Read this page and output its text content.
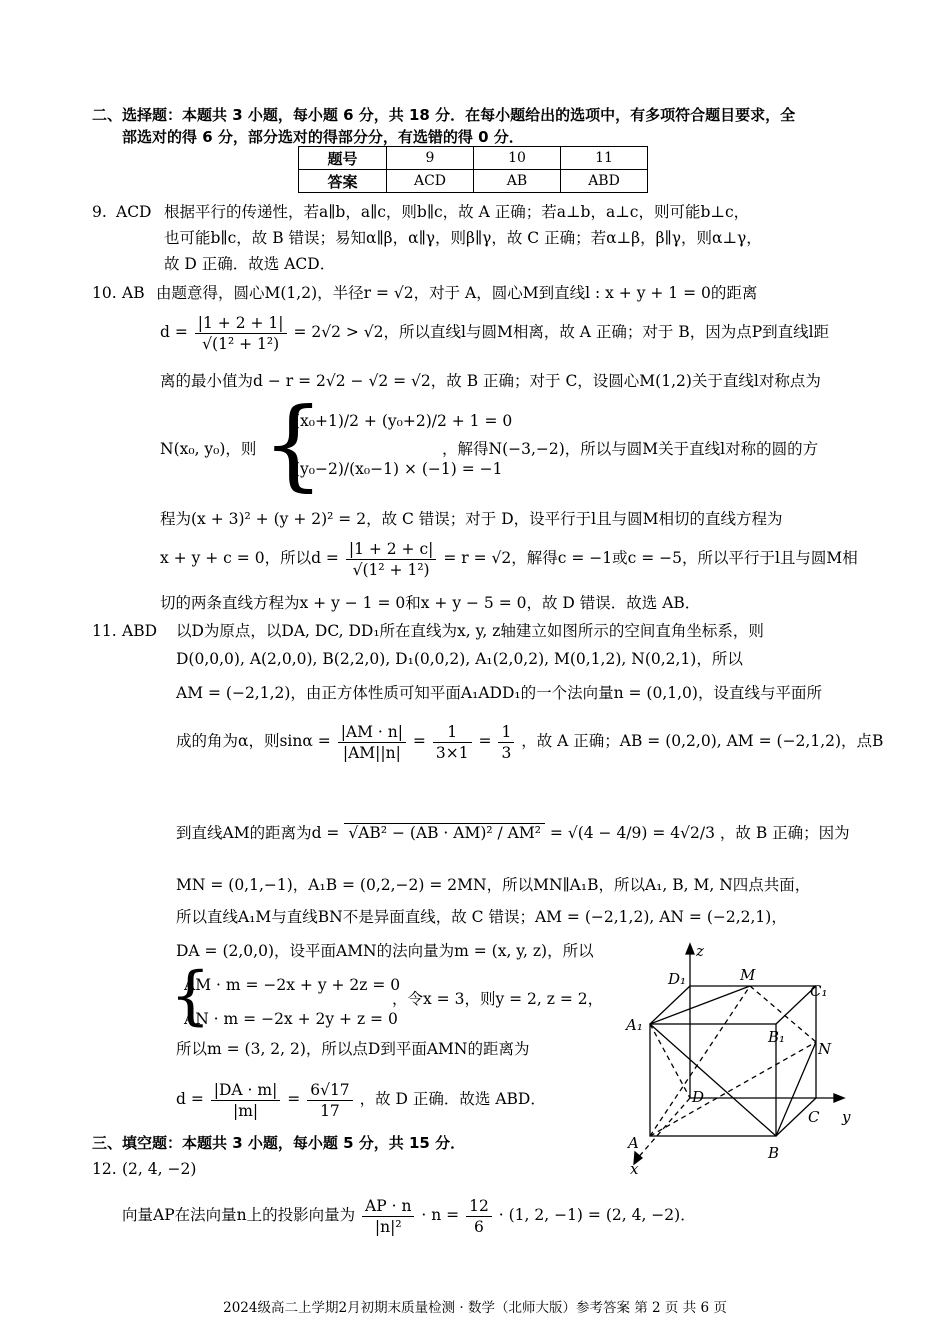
二、选择题：本题共 3 小题，每小题 6 分，共 18 分．在每小题给出的选项中，有多项符合题目要求，全
部选对的得 6 分，部分选对的得部分分，有选错的得 0 分．
题号	9	10	11
答案	ACD	AB	ABD
9. ACD 根据平行的传递性，若a∥b，a∥c，则b∥c，故 A 正确；若a⊥b，a⊥c，则可能b⊥c，
也可能b∥c，故 B 错误；易知α∥β，α∥γ，则β∥γ，故 C 正确；若α⊥β，β∥γ，则α⊥γ，
故 D 正确．故选 ACD．
10. AB 由题意得，圆心M(1,2)，半径r = √2，对于 A，圆心M到直线l : x + y + 1 = 0的距离
$d = \frac{|1 + 2 + 1|}{\text{√(1² + 1²)}} = 2√2 > √2$，所以直线l与圆M相离，故 A 正确；对于 B，因为点P到直线l距
离的最小值为d − r = 2√2 − √2 = √2，故 B 正确；对于 C，设圆心M(1,2)关于直线l对称点为
N(x₀, y₀)，则 {
(x₀+1)/2 + (y₀+2)/2 + 1 = 0
(y₀−2)/(x₀−1) × (−1) = −1
，解得N(−3,−2)，所以与圆M关于直线l对称的圆的方
程为(x + 3)² + (y + 2)² = 2，故 C 错误；对于 D，设平行于l且与圆M相切的直线方程为
x + y + c = 0，所以$d = \frac{|1 + 2 + c|}{\text{√(1² + 1²)}} = r = √2$，解得c = −1或c = −5，所以平行于l且与圆M相
切的两条直线方程为x + y − 1 = 0和x + y − 5 = 0，故 D 错误．故选 AB．
11. ABD 以D为原点，以DA, DC, DD₁所在直线为x, y, z轴建立如图所示的空间直角坐标系，则
D(0,0,0), A(2,0,0), B(2,2,0), D₁(0,0,2), A₁(2,0,2), M(0,1,2), N(0,2,1)，所以
AM = (−2,1,2)，由正方体性质可知平面A₁ADD₁的一个法向量n = (0,1,0)，设直线与平面所
成的角为α，则$\sin\alpha = \frac{|AM \cdot n|}{|AM||n|} = \frac{1}{3\times 1} = \frac{1}{3}$ ，故 A 正确；AB = (0,2,0), AM = (−2,1,2)，点B
到直线AM的距离为d = √AB² − (AB · AM)² / AM² = √(4 − 4/9) = 4√2/3 ，故 B 正确；因为
MN = (0,1,−1)，A₁B = (0,2,−2) = 2MN，所以MN∥A₁B，所以A₁, B, M, N四点共面，
所以直线A₁M与直线BN不是异面直线，故 C 错误；AM = (−2,1,2), AN = (−2,2,1)，
DA = (2,0,0)，设平面AMN的法向量为m = (x, y, z)，所以
{
AM · m = −2x + y + 2z = 0
AN · m = −2x + 2y + z = 0
，令x = 3，则y = 2, z = 2，
所以m = (3, 2, 2)，所以点D到平面AMN的距离为
$d = \frac{|DA \cdot m|}{|m|} = \frac{6√17}{17}$ ，故 D 正确．故选 ABD．
z
D₁	M
C₁
A₁
B₁
N
D
C y
A
B
x
三、填空题：本题共 3 小题，每小题 5 分，共 15 分．
12. (2, 4, −2)
向量AP在法向量n上的投影向量为 $\frac{AP \cdot n}{\text{|n|²}} \cdot n = \frac{12}{6} \cdot (1$, 2, −1) = (2, 4, −2)．
2024级高二上学期2月初期末质量检测 · 数学（北师大版）参考答案 第 2 页 共 6 页
